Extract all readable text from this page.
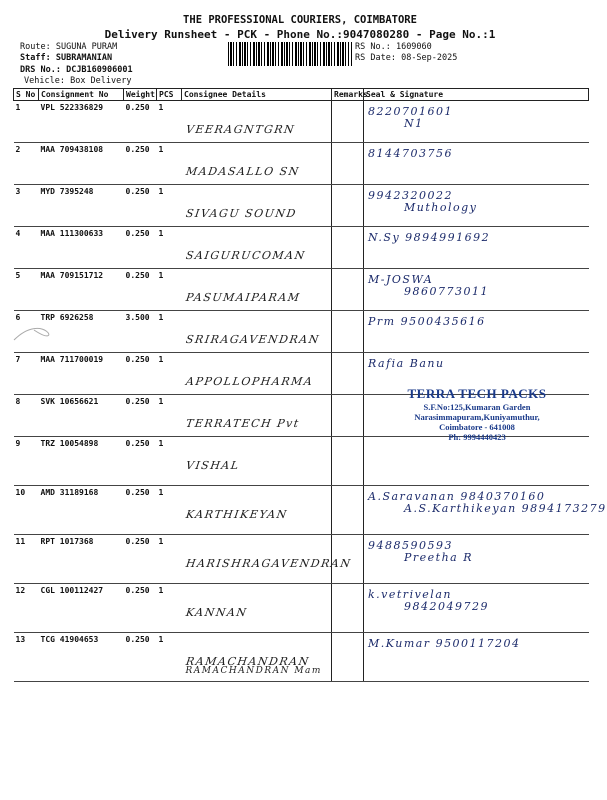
THE PROFESSIONAL COURIERS, COIMBATORE
Delivery Runsheet - PCK - Phone No.:9047080280 - Page No.:1
Route: SUGUNA PURAM
Staff: SUBRAMANIAN
DRS No.: DCJB160906001
Vehicle: Box Delivery
RS No.: 1609060
RS Date: 08-Sep-2025
S No	Consignment No	Weight	PCS	Consignee Details	Remarks	Seal & Signature
1	VPL 522336829	0.250	1	VEERAGNTGRN		8220701601
N1

2	MAA 709438108	0.250	1	MADASALLO SN		8144703756

3	MYD 7395248	0.250	1	SIVAGU SOUND		9942320022
Muthology

4	MAA 111300633	0.250	1	SAIGURUCOMAN		N.Sy 9894991692

5	MAA 709151712	0.250	1	PASUMAIPARAM		M-JOSWA
9860773011

6	TRP 6926258	3.500	1	SRIRAGAVENDRAN		Prm 9500435616

7	MAA 711700019	0.250	1	APPOLLOPHARMA		Rafia Banu

8	SVK 10656621	0.250	1	TERRATECH Pvt		

9	TRZ 10054898	0.250	1	VISHAL		

10	AMD 31189168	0.250	1	KARTHIKEYAN		A.Saravanan 9840370160
A.S.Karthikeyan 9894173279

11	RPT 1017368	0.250	1	HARISHRAGAVENDRAN		9488590593
Preetha R

12	CGL 100112427	0.250	1	KANNAN		k.vetrivelan
9842049729

13	TCG 41904653	0.250	1	RAMACHANDRAN
RAMACHANDRAN Mam		M.Kumar 9500117204
TERRA TECH PACKS
S.F.No:125,Kumaran Garden
Narasimmapuram,Kuniyamuthur,
Coimbatore - 641008
Ph: 9994440423
